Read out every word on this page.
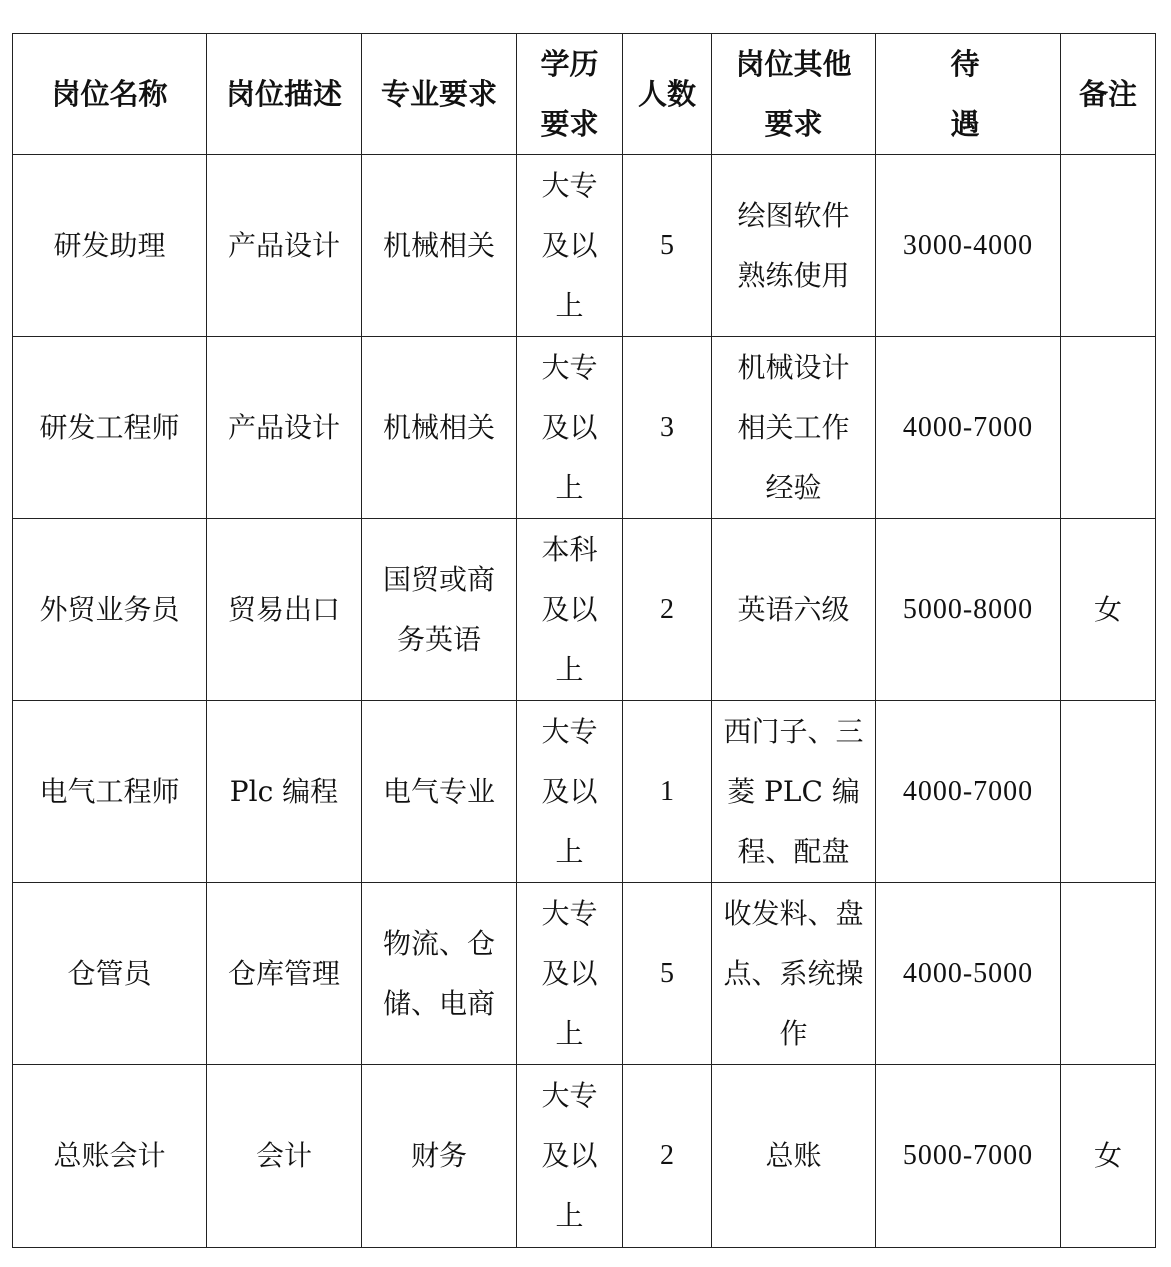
岗位名称	岗位描述	专业要求	学历要求	人数	岗位其他要求	待遇	备注
研发助理	产品设计	机械相关	大专及以上	5	绘图软件熟练使用	3000-4000	
研发工程师	产品设计	机械相关	大专及以上	3	机械设计相关工作经验	4000-7000	
外贸业务员	贸易出口	国贸或商务英语	本科及以上	2	英语六级	5000-8000	女
电气工程师	Plc 编程	电气专业	大专及以上	1	西门子、三菱 PLC 编程、配盘	4000-7000	
仓管员	仓库管理	物流、仓储、电商	大专及以上	5	收发料、盘点、系统操作	4000-5000	
总账会计	会计	财务	大专及以上	2	总账	5000-7000	女
